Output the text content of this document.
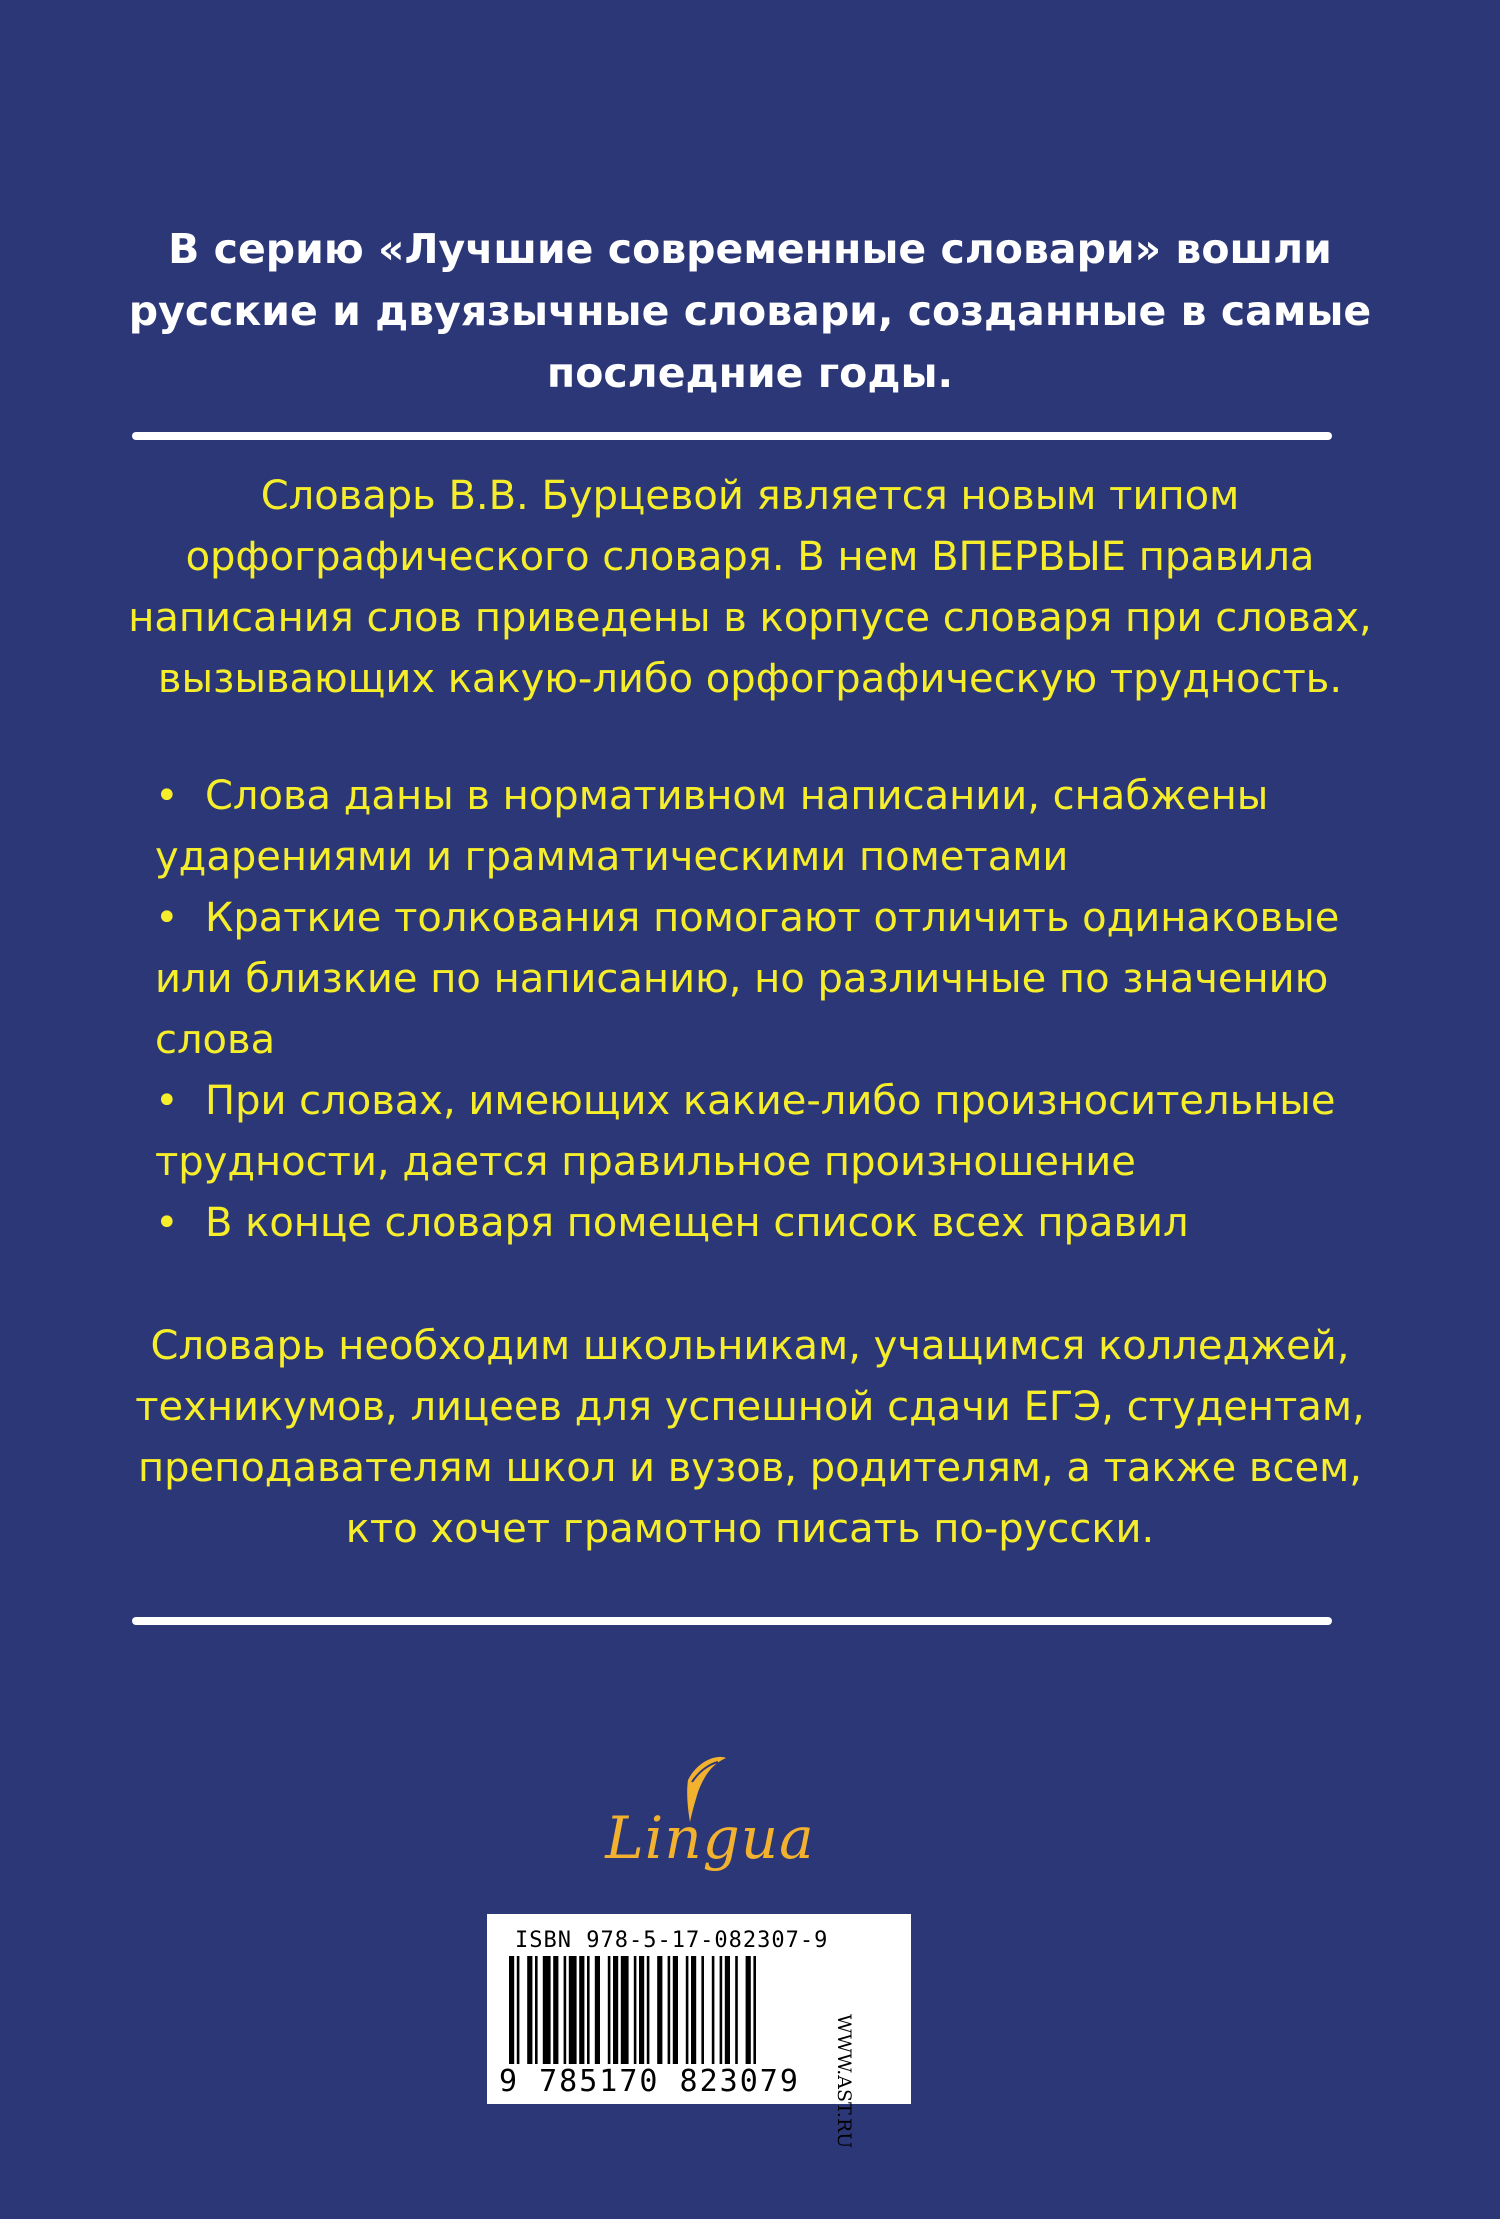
В серию «Лучшие современные словари» вошли
русские и двуязычные словари, созданные в самые
последние годы.
Словарь В.В. Бурцевой является новым типом
орфографического словаря. В нем ВПЕРВЫЕ правила
написания слов приведены в корпусе словаря при словах,
вызывающих какую-либо орфографическую трудность.
• Слова даны в нормативном написании, снабжены
ударениями и грамматическими пометами
• Краткие толкования помогают отличить одинаковые
или близкие по написанию, но различные по значению
слова
• При словах, имеющих какие-либо произносительные
трудности, дается правильное произношение
• В конце словаря помещен список всех правил
Словарь необходим школьникам, учащимся колледжей,
техникумов, лицеев для успешной сдачи ЕГЭ, студентам,
преподавателям школ и вузов, родителям, а также всем,
кто хочет грамотно писать по-русски.
Lingua
ISBN 978-5-17-082307-9
9 785170 823079	WWW.AST.RU
